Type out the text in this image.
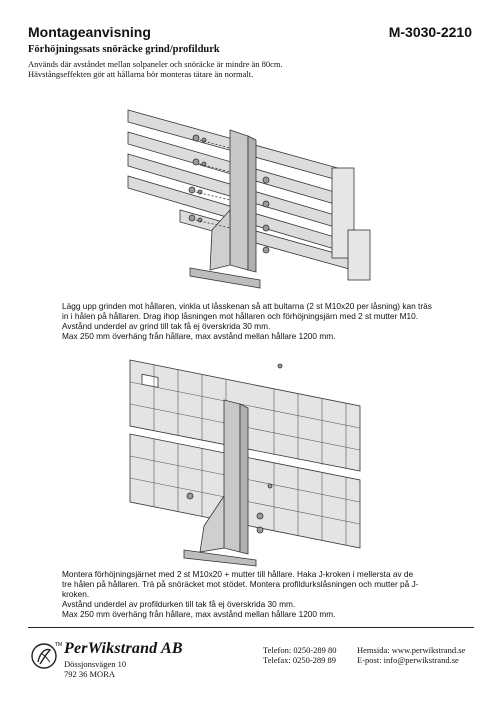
Montageanvisning	M-3030-2210
Förhöjningssats snöräcke grind/profildurk
Används där avståndet mellan solpaneler och snöräcke är mindre än 80cm.
Hävstångseffekten gör att hållarna bör monteras tätare än normalt.
Lägg upp grinden mot hållaren, vinkla ut låsskenan så att bultarna (2 st M10x20 per låsning) kan träs
in i hålen på hållaren. Drag ihop låsningen mot hållaren och förhöjningsjärn med 2 st mutter M10.
Avstånd underdel av grind till tak få ej överskrida 30 mm.
Max 250 mm överhäng från hållare, max avstånd mellan hållare 1200 mm.
Montera förhöjningsjärnet med 2 st M10x20 + mutter till hållare. Haka J-kroken i mellersta av de
tre hålen på hållaren. Trä på snöräcket mot stödet. Montera profildurkslåsningen och mutter på J-
kroken.
Avstånd underdel av profildurken till tak få ej överskrida 30 mm.
Max 250 mm överhäng från hållare, max avstånd mellan hållare 1200 mm.
TM PerWikstrand AB
Dössjonsvägen 10
792 36 MORA
Telefon: 0250-289 80
Telefax: 0250-289 89
Hemsida: www.perwikstrand.se
E-post: info@perwikstrand.se
